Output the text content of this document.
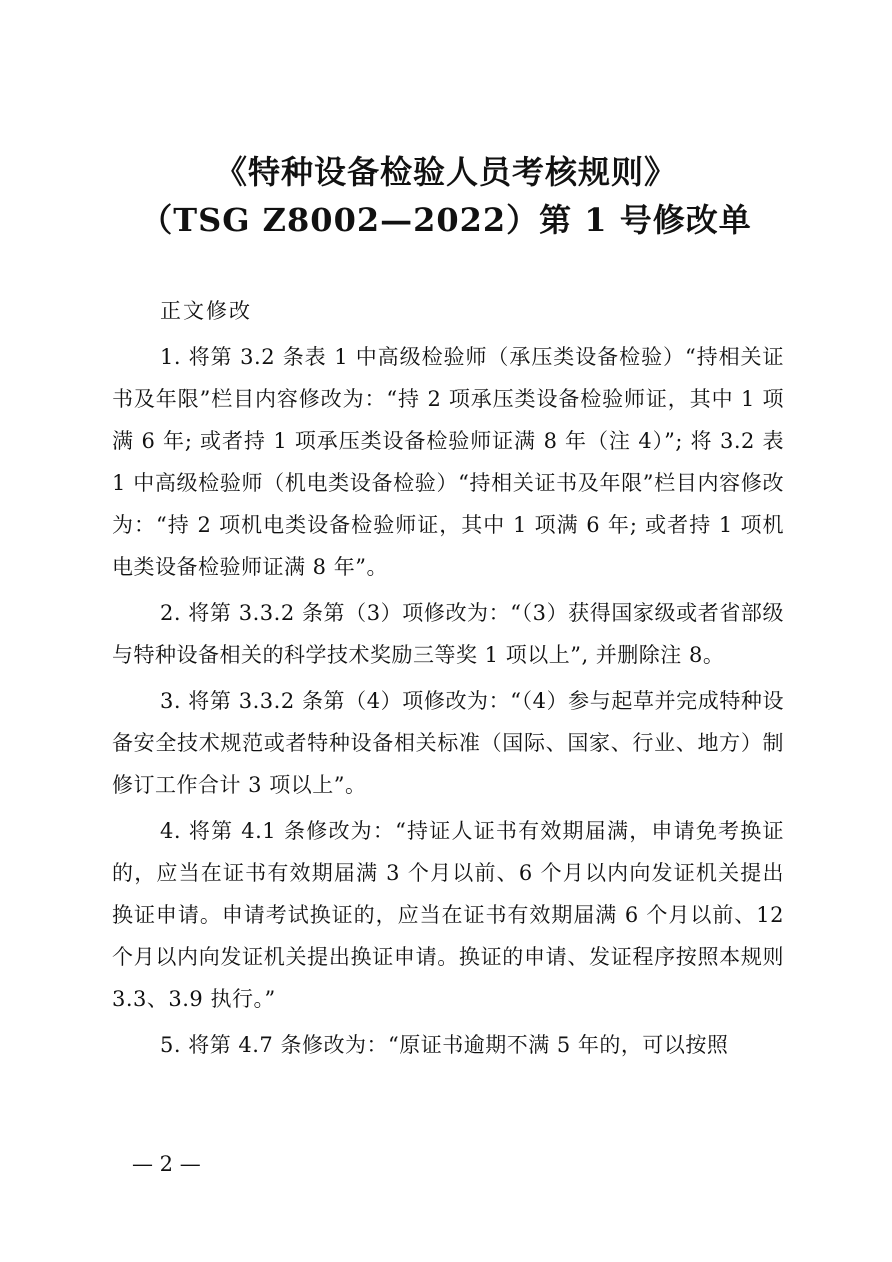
《特种设备检验人员考核规则》
（TSG Z8002—2022）第 1 号修改单

正文修改

1. 将第 3.2 条表 1 中高级检验师（承压类设备检验）“持相关证书及年限”栏目内容修改为：“持 2 项承压类设备检验师证，其中 1 项满 6 年; 或者持 1 项承压类设备检验师证满 8 年（注 4）”; 将 3.2 表 1 中高级检验师（机电类设备检验）“持相关证书及年限”栏目内容修改为：“持 2 项机电类设备检验师证，其中 1 项满 6 年; 或者持 1 项机电类设备检验师证满 8 年”。

2. 将第 3.3.2 条第（3）项修改为：“（3）获得国家级或者省部级与特种设备相关的科学技术奖励三等奖 1 项以上”, 并删除注 8。

3. 将第 3.3.2 条第（4）项修改为：“（4）参与起草并完成特种设备安全技术规范或者特种设备相关标准（国际、国家、行业、地方）制修订工作合计 3 项以上”。

4. 将第 4.1 条修改为：“持证人证书有效期届满，申请免考换证的，应当在证书有效期届满 3 个月以前、6 个月以内向发证机关提出换证申请。申请考试换证的，应当在证书有效期届满 6 个月以前、12 个月以内向发证机关提出换证申请。换证的申请、发证程序按照本规则 3.3、3.9 执行。”

5. 将第 4.7 条修改为：“原证书逾期不满 5 年的，可以按照

— 2 —
